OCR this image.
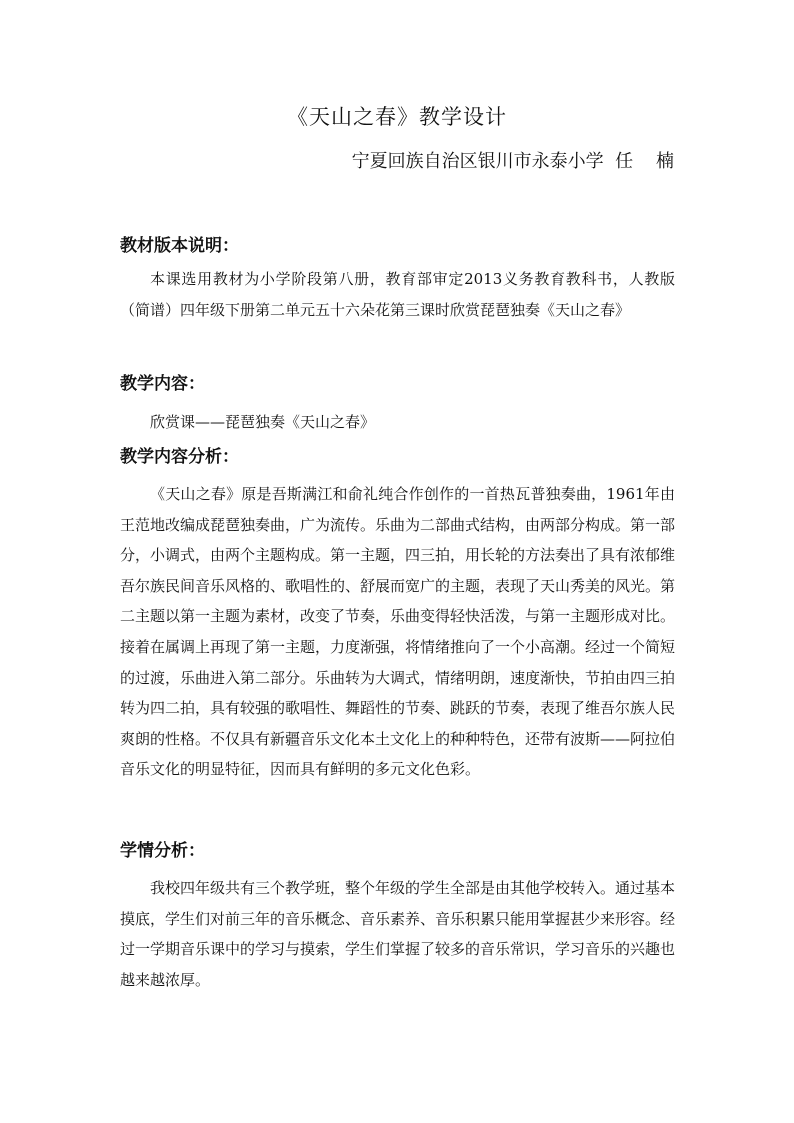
《天山之春》教学设计
宁夏回族自治区银川市永泰小学  任    楠
教材版本说明：
本课选用教材为小学阶段第八册，教育部审定2013义务教育教科书，人教版（简谱）四年级下册第二单元五十六朵花第三课时欣赏琵琶独奏《天山之春》
教学内容：
欣赏课——琵琶独奏《天山之春》
教学内容分析：
《天山之春》原是吾斯满江和俞礼纯合作创作的一首热瓦普独奏曲，1961年由王范地改编成琵琶独奏曲，广为流传。乐曲为二部曲式结构，由两部分构成。第一部分，小调式，由两个主题构成。第一主题，四三拍，用长轮的方法奏出了具有浓郁维吾尔族民间音乐风格的、歌唱性的、舒展而宽广的主题，表现了天山秀美的风光。第二主题以第一主题为素材，改变了节奏，乐曲变得轻快活泼，与第一主题形成对比。接着在属调上再现了第一主题，力度渐强，将情绪推向了一个小高潮。经过一个简短的过渡，乐曲进入第二部分。乐曲转为大调式，情绪明朗，速度渐快，节拍由四三拍转为四二拍，具有较强的歌唱性、舞蹈性的节奏、跳跃的节奏，表现了维吾尔族人民爽朗的性格。不仅具有新疆音乐文化本土文化上的种种特色，还带有波斯——阿拉伯音乐文化的明显特征，因而具有鲜明的多元文化色彩。
学情分析：
我校四年级共有三个教学班，整个年级的学生全部是由其他学校转入。通过基本摸底，学生们对前三年的音乐概念、音乐素养、音乐积累只能用掌握甚少来形容。经过一学期音乐课中的学习与摸索，学生们掌握了较多的音乐常识，学习音乐的兴趣也越来越浓厚。
